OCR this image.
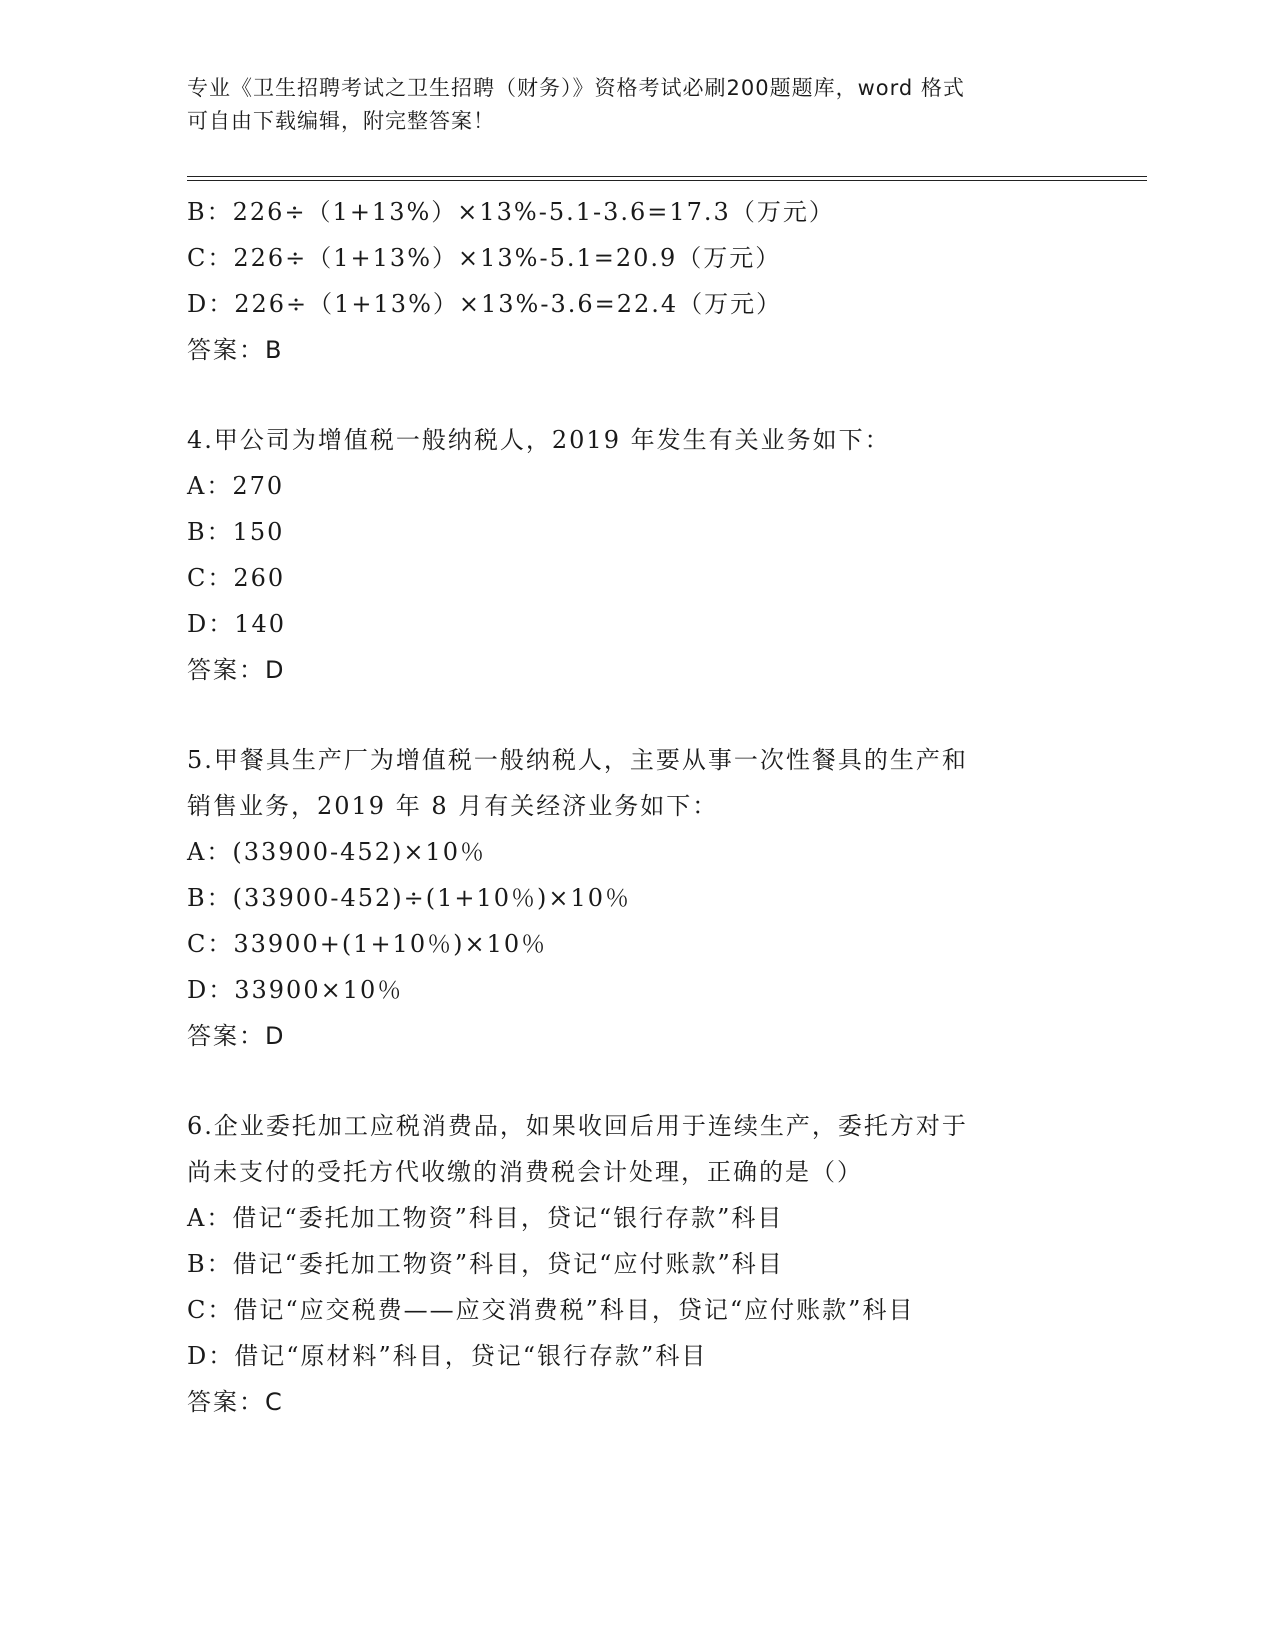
专业《卫生招聘考试之卫生招聘（财务）》资格考试必刷200题题库，word 格式
可自由下载编辑，附完整答案！
B：226÷（1+13%）×13%-5.1-3.6=17.3（万元）
C：226÷（1+13%）×13%-5.1=20.9（万元）
D：226÷（1+13%）×13%-3.6=22.4（万元）
答案：B
4.甲公司为增值税一般纳税人，2019 年发生有关业务如下：
A：270
B：150
C：260
D：140
答案：D
5.甲餐具生产厂为增值税一般纳税人，主要从事一次性餐具的生产和
销售业务，2019 年 8 月有关经济业务如下：
A：(33900-452)×10％
B：(33900-452)÷(1+10％)×10％
C：33900+(1+10％)×10％
D：33900×10％
答案：D
6.企业委托加工应税消费品，如果收回后用于连续生产，委托方对于
尚未支付的受托方代收缴的消费税会计处理，正确的是（）
A：借记“委托加工物资”科目，贷记“银行存款”科目
B：借记“委托加工物资”科目，贷记“应付账款”科目
C：借记“应交税费——应交消费税”科目，贷记“应付账款”科目
D：借记“原材料”科目，贷记“银行存款”科目
答案：C
